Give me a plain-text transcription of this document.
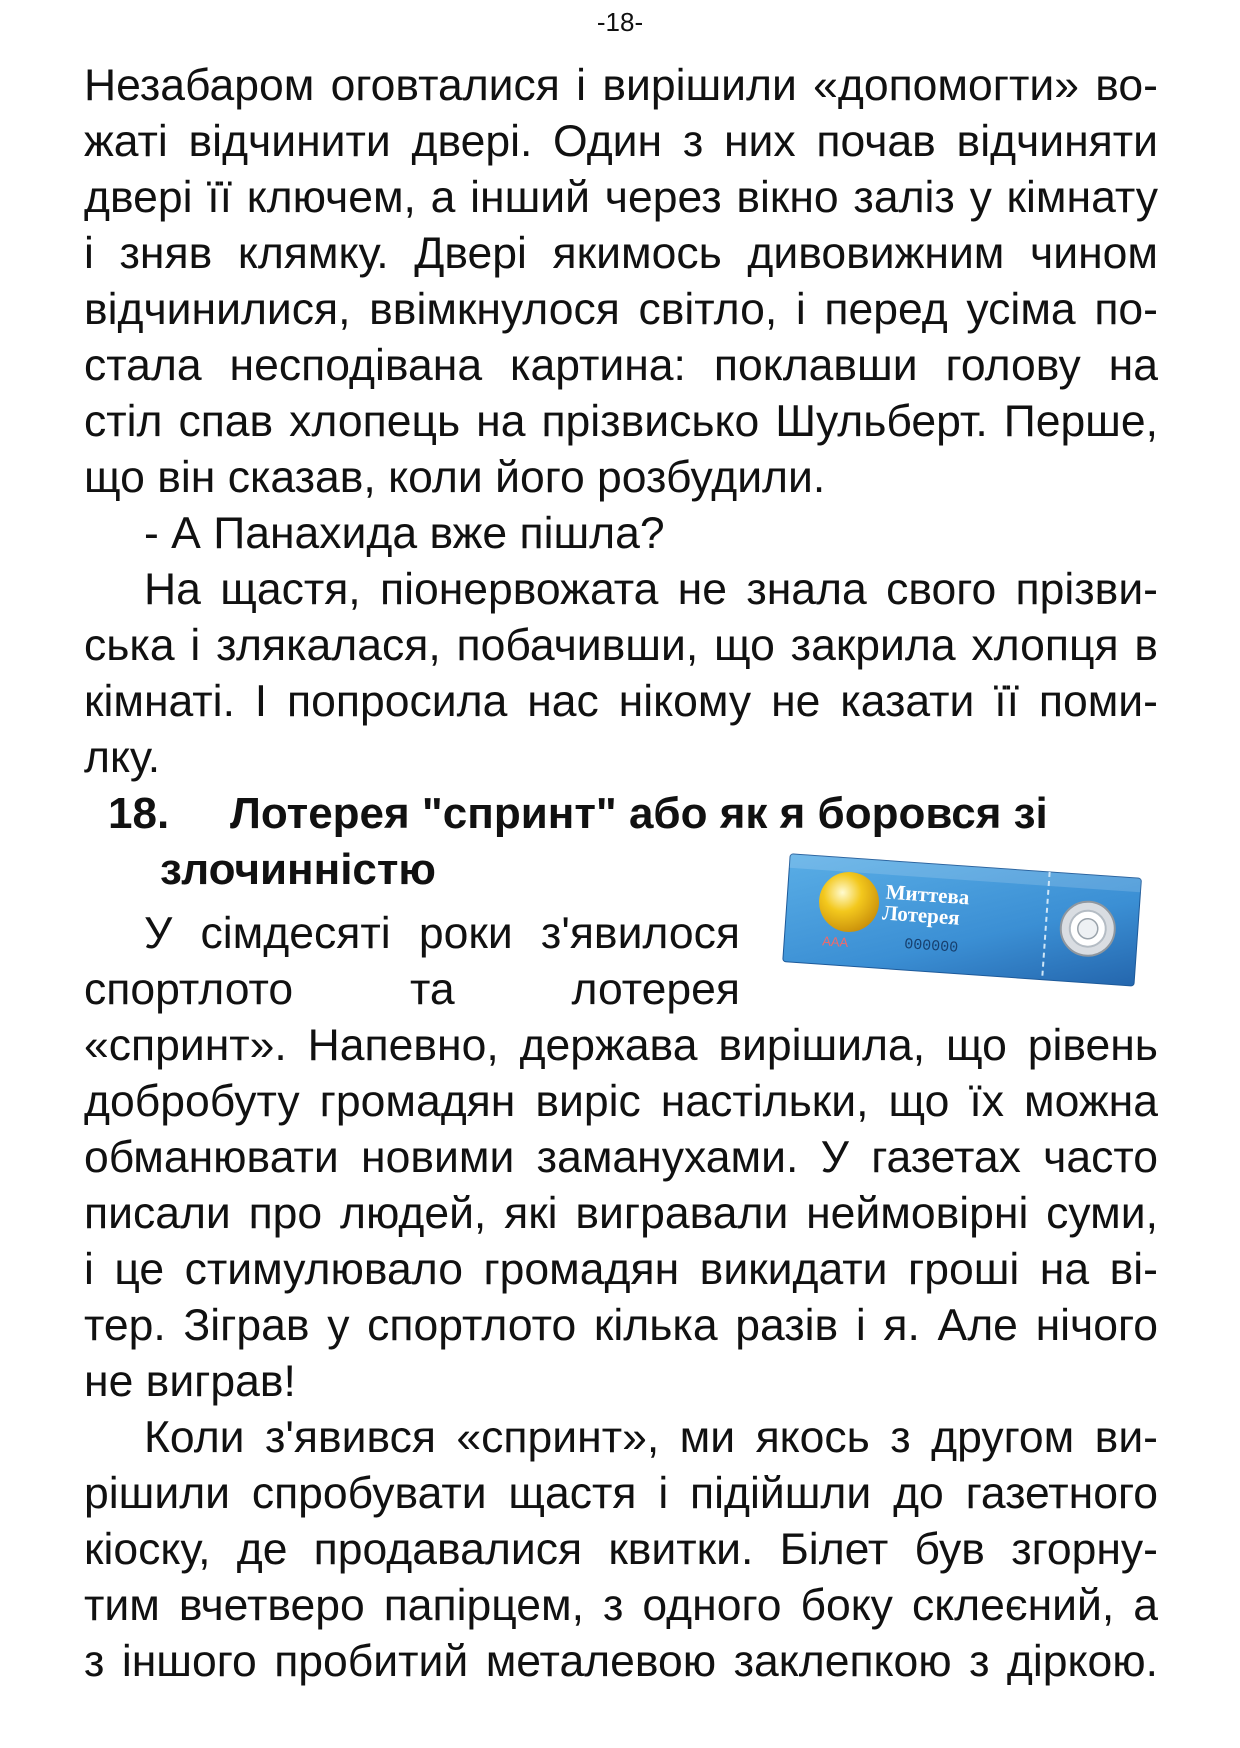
-18-
Незабаром оговталися і вирішили «допомогти» во-
жаті відчинити двері. Один з них почав відчиняти
двері її ключем, а інший через вікно заліз у кімнату
і зняв клямку. Двері якимось дивовижним чином
відчинилися, ввімкнулося світло, і перед усіма по-
стала несподівана картина: поклавши голову на
стіл спав хлопець на прізвисько Шульберт. Перше,
що він сказав, коли його розбудили.
- А Панахида вже пішла?
На щастя, піонервожата не знала свого прізви-
ська і злякалася, побачивши, що закрила хлопця в
кімнаті. І попросила нас нікому не казати її поми-
лку.
18. Лотерея "спринт" або як я боровся зі
злочинністю
Миттева
Лотерея
ААА	000000
У сімдесяті роки з'явилося
спортлото та лотерея
«спринт». Напевно, держава вирішила, що рівень
добробуту громадян виріс настільки, що їх можна
обманювати новими заманухами. У газетах часто
писали про людей, які вигравали неймовірні суми,
і це стимулювало громадян викидати гроші на ві-
тер. Зіграв у спортлото кілька разів і я. Але нічого
не виграв!
Коли з'явився «спринт», ми якось з другом ви-
рішили спробувати щастя і підійшли до газетного
кіоску, де продавалися квитки. Білет був згорну-
тим вчетверо папірцем, з одного боку склеєний, а
з іншого пробитий металевою заклепкою з діркою.
